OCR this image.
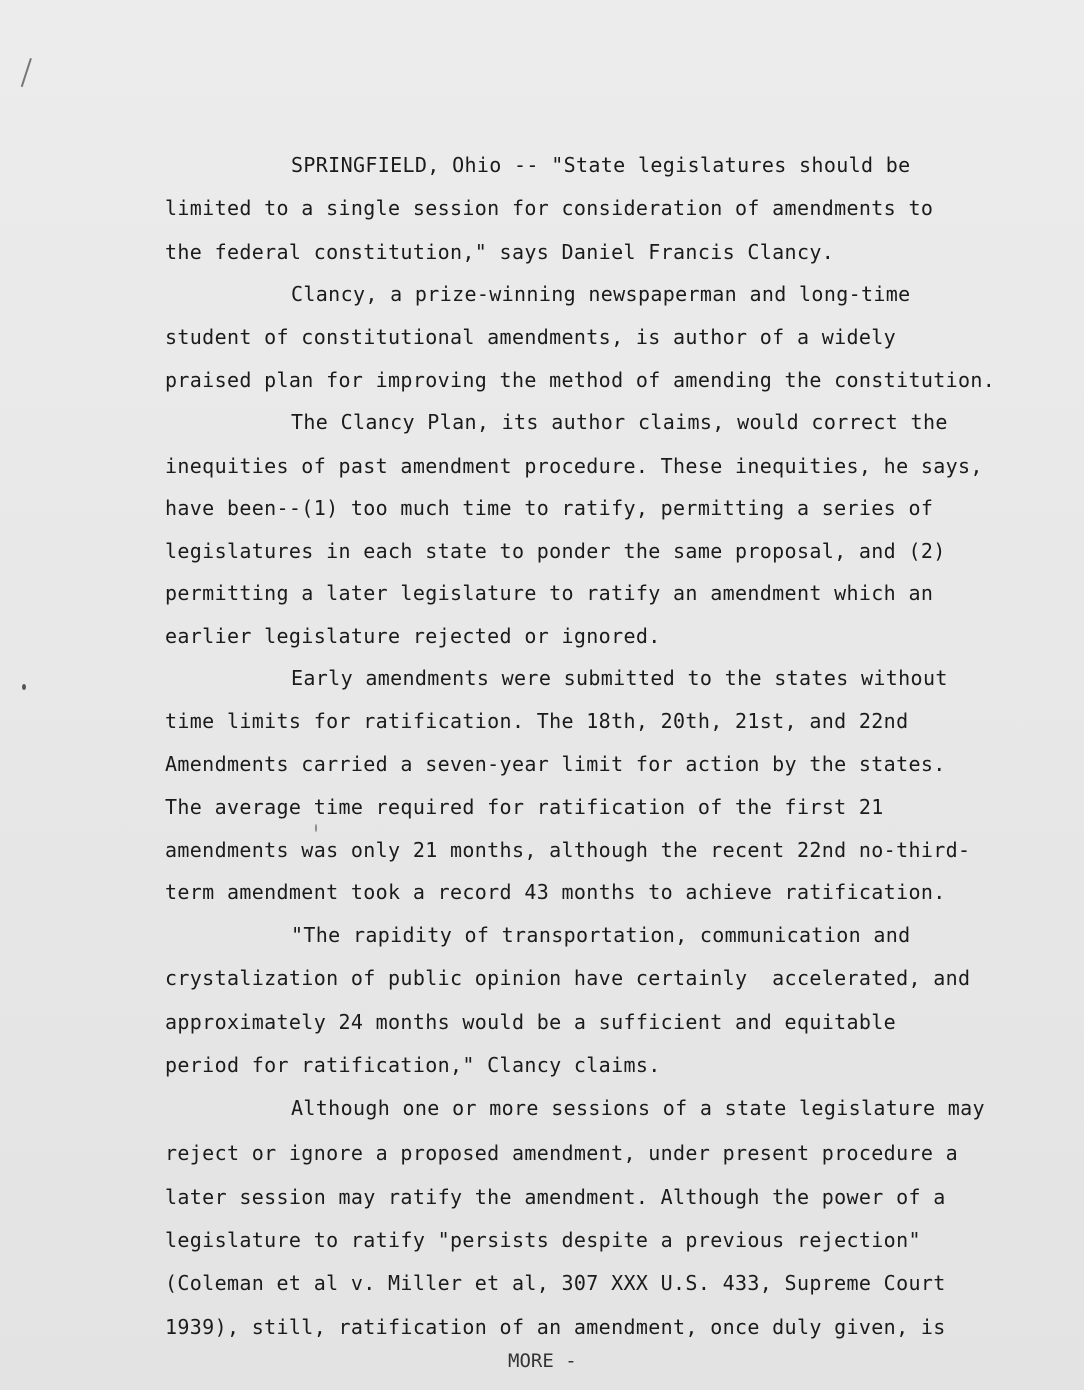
SPRINGFIELD, Ohio -- "State legislatures should be
limited to a single session for consideration of amendments to
the federal constitution," says Daniel Francis Clancy.
Clancy, a prize-winning newspaperman and long-time
student of constitutional amendments, is author of a widely
praised plan for improving the method of amending the constitution.
The Clancy Plan, its author claims, would correct the
inequities of past amendment procedure. These inequities, he says,
have been--(1) too much time to ratify, permitting a series of
legislatures in each state to ponder the same proposal, and (2)
permitting a later legislature to ratify an amendment which an
earlier legislature rejected or ignored.
Early amendments were submitted to the states without
time limits for ratification. The 18th, 20th, 21st, and 22nd
Amendments carried a seven-year limit for action by the states.
The average time required for ratification of the first 21
amendments was only 21 months, although the recent 22nd no-third-
term amendment took a record 43 months to achieve ratification.
"The rapidity of transportation, communication and
crystalization of public opinion have certainly  accelerated, and
approximately 24 months would be a sufficient and equitable
period for ratification," Clancy claims.
Although one or more sessions of a state legislature may
reject or ignore a proposed amendment, under present procedure a
later session may ratify the amendment. Although the power of a
legislature to ratify "persists despite a previous rejection"
(Coleman et al v. Miller et al, 307 XXX U.S. 433, Supreme Court
1939), still, ratification of an amendment, once duly given, is
MORE -
